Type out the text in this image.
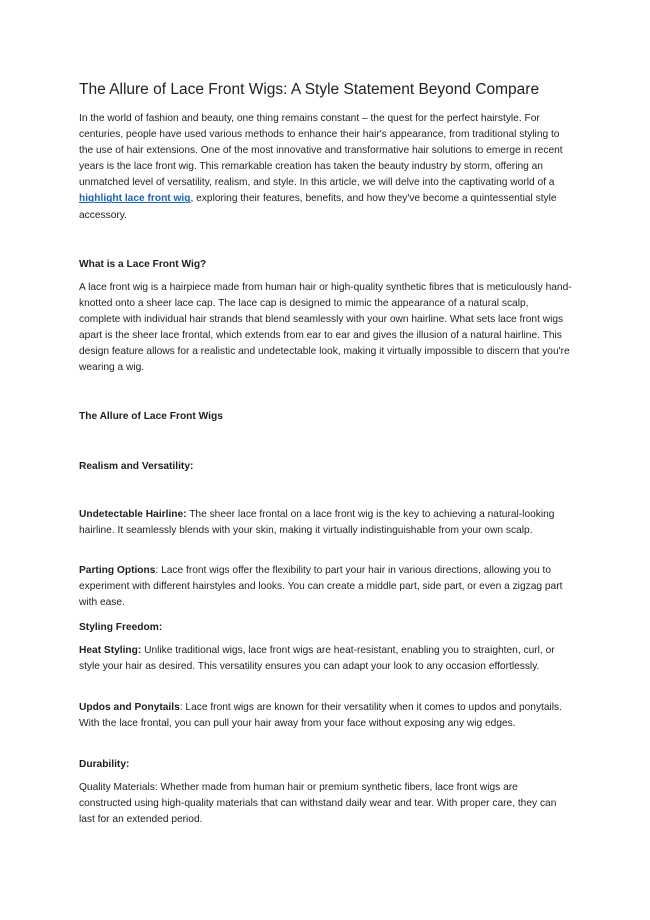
The Allure of Lace Front Wigs: A Style Statement Beyond Compare

In the world of fashion and beauty, one thing remains constant – the quest for the perfect hairstyle. For centuries, people have used various methods to enhance their hair's appearance, from traditional styling to the use of hair extensions. One of the most innovative and transformative hair solutions to emerge in recent years is the lace front wig. This remarkable creation has taken the beauty industry by storm, offering an unmatched level of versatility, realism, and style. In this article, we will delve into the captivating world of a highlight lace front wig, exploring their features, benefits, and how they've become a quintessential style accessory.

What is a Lace Front Wig?

A lace front wig is a hairpiece made from human hair or high-quality synthetic fibres that is meticulously hand-knotted onto a sheer lace cap. The lace cap is designed to mimic the appearance of a natural scalp, complete with individual hair strands that blend seamlessly with your own hairline. What sets lace front wigs apart is the sheer lace frontal, which extends from ear to ear and gives the illusion of a natural hairline. This design feature allows for a realistic and undetectable look, making it virtually impossible to discern that you're wearing a wig.

The Allure of Lace Front Wigs

Realism and Versatility:

Undetectable Hairline: The sheer lace frontal on a lace front wig is the key to achieving a natural-looking hairline. It seamlessly blends with your skin, making it virtually indistinguishable from your own scalp.

Parting Options: Lace front wigs offer the flexibility to part your hair in various directions, allowing you to experiment with different hairstyles and looks. You can create a middle part, side part, or even a zigzag part with ease.

Styling Freedom:

Heat Styling: Unlike traditional wigs, lace front wigs are heat-resistant, enabling you to straighten, curl, or style your hair as desired. This versatility ensures you can adapt your look to any occasion effortlessly.

Updos and Ponytails: Lace front wigs are known for their versatility when it comes to updos and ponytails. With the lace frontal, you can pull your hair away from your face without exposing any wig edges.

Durability:

Quality Materials: Whether made from human hair or premium synthetic fibers, lace front wigs are constructed using high-quality materials that can withstand daily wear and tear. With proper care, they can last for an extended period.
